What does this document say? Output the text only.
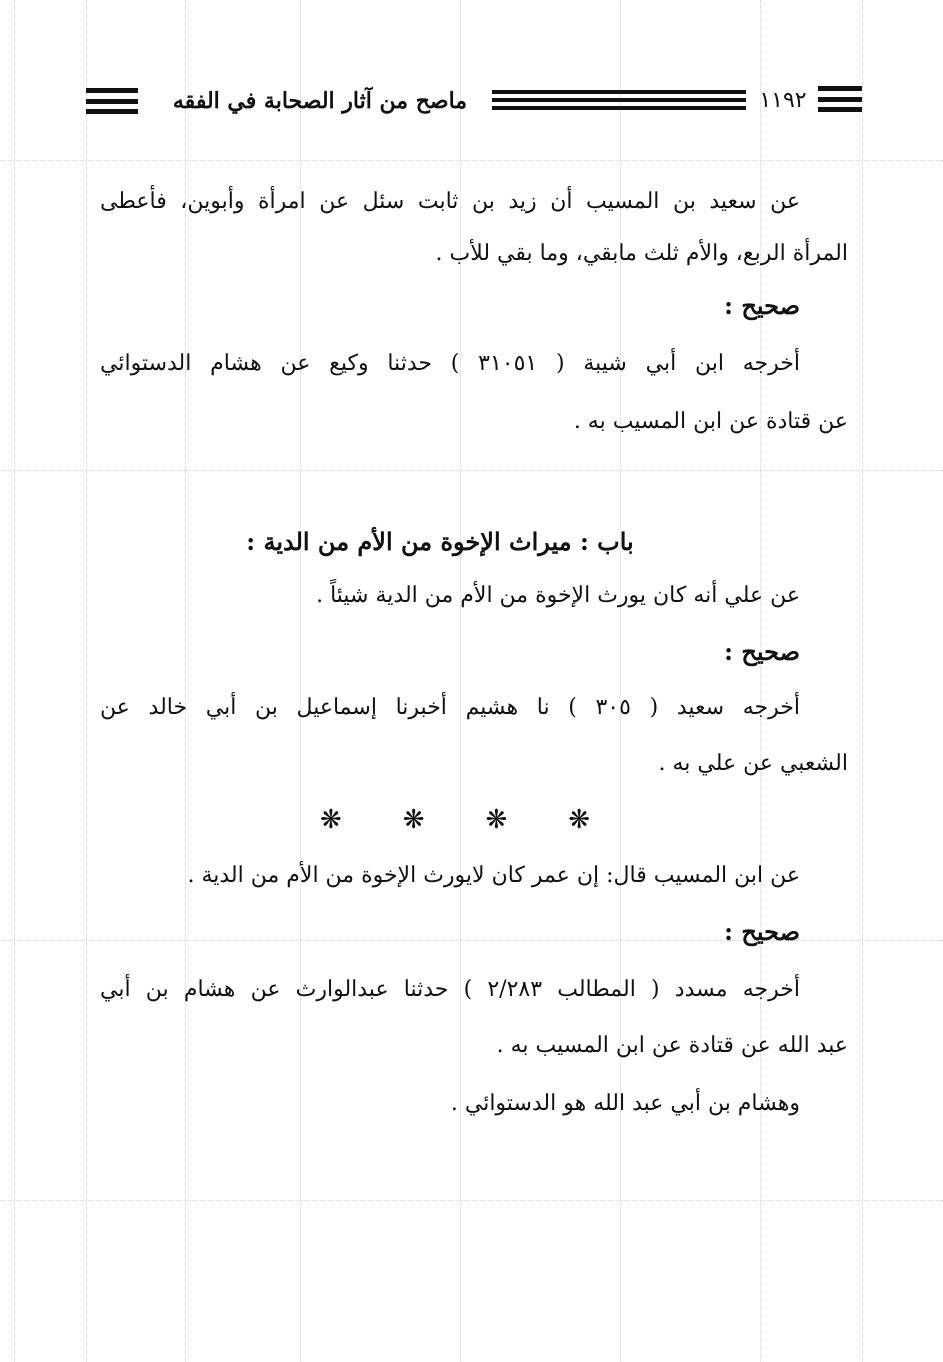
ماصح من آثار الصحابة في الفقه	١١٩٢
عن سعيد بن المسيب أن زيد بن ثابت سئل عن امرأة وأبوين، فأعطى
المرأة الربع، والأم ثلث مابقي، وما بقي للأب .
صحيح :
أخرجه ابن أبي شيبة ( ٣١٠٥١ ) حدثنا وكيع عن هشام الدستوائي
عن قتادة عن ابن المسيب به .
باب : ميراث الإخوة من الأم من الدية :
عن علي أنه كان يورث الإخوة من الأم من الدية شيئاً .
صحيح :
أخرجه سعيد ( ٣٠٥ ) نا هشيم أخبرنا إسماعيل بن أبي خالد عن
الشعبي عن علي به .
❋ ❋ ❋ ❋
عن ابن المسيب قال: إن عمر كان لايورث الإخوة من الأم من الدية .
صحيح :
أخرجه مسدد ( المطالب ٢/٢٨٣ ) حدثنا عبدالوارث عن هشام بن أبي
عبد الله عن قتادة عن ابن المسيب به .
وهشام بن أبي عبد الله هو الدستوائي .
